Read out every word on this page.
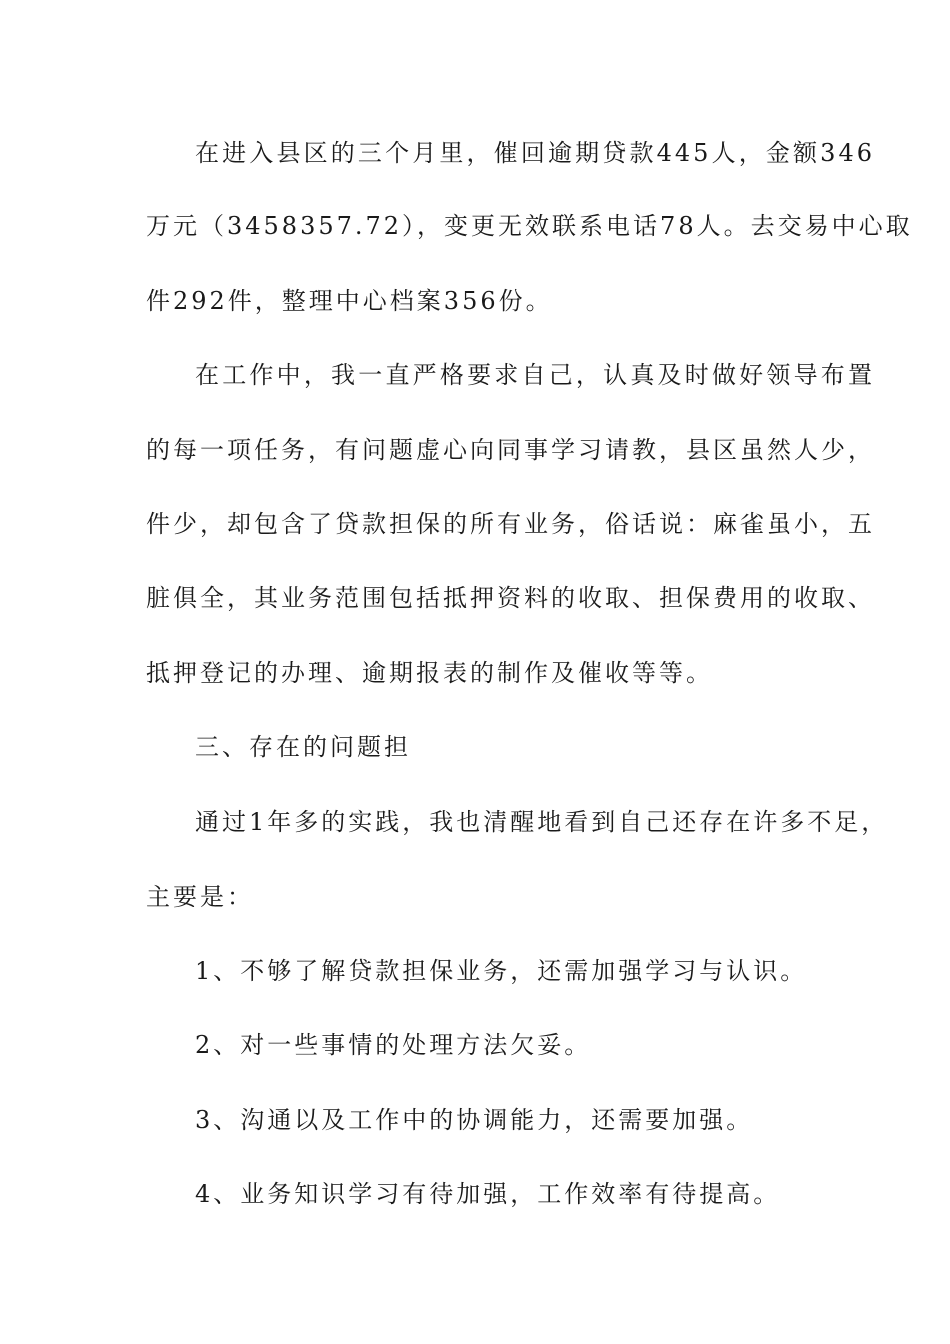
在进入县区的三个月里，催回逾期贷款445人，金额346
万元（3458357.72），变更无效联系电话78人。去交易中心取
件292件，整理中心档案356份。
在工作中，我一直严格要求自己，认真及时做好领导布置
的每一项任务，有问题虚心向同事学习请教，县区虽然人少，
件少，却包含了贷款担保的所有业务，俗话说：麻雀虽小，五
脏俱全，其业务范围包括抵押资料的收取、担保费用的收取、
抵押登记的办理、逾期报表的制作及催收等等。
三、存在的问题担
通过1年多的实践，我也清醒地看到自己还存在许多不足，
主要是：
1、不够了解贷款担保业务，还需加强学习与认识。
2、对一些事情的处理方法欠妥。
3、沟通以及工作中的协调能力，还需要加强。
4、业务知识学习有待加强，工作效率有待提高。
